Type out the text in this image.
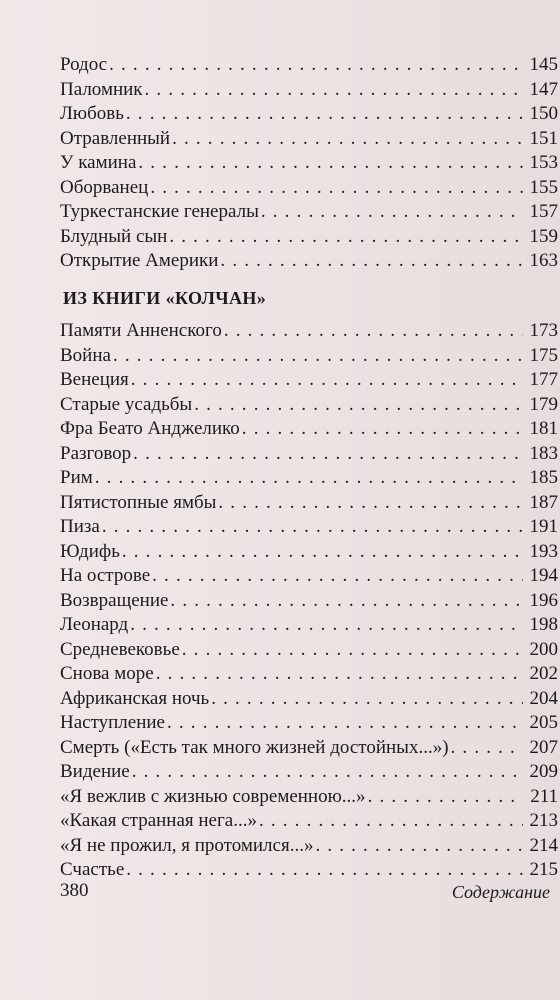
Родос . . .	145
Паломник . . .	147
Любовь . . .	150
Отравленный . . .	151
У камина . . .	153
Оборванец . . .	155
Туркестанские генералы . . .	157
Блудный сын . . .	159
Открытие Америки . . .	163
ИЗ КНИГИ «КОЛЧАН»
Памяти Анненского . . .	173
Война . . .	175
Венеция . . .	177
Старые усадьбы . . .	179
Фра Беато Анджелико . . .	181
Разговор . . .	183
Рим . . .	185
Пятистопные ямбы . . .	187
Пиза . . .	191
Юдифь . . .	193
На острове . . .	194
Возвращение . . .	196
Леонард . . .	198
Средневековье . . .	200
Снова море . . .	202
Африканская ночь . . .	204
Наступление . . .	205
Смерть («Есть так много жизней достойных...») . . .	207
Видение . . .	209
«Я вежлив с жизнью современною...» . . .	211
«Какая странная нега...» . . .	213
«Я не прожил, я протомился...» . . .	214
Счастье . . .	215
380	Содержание
